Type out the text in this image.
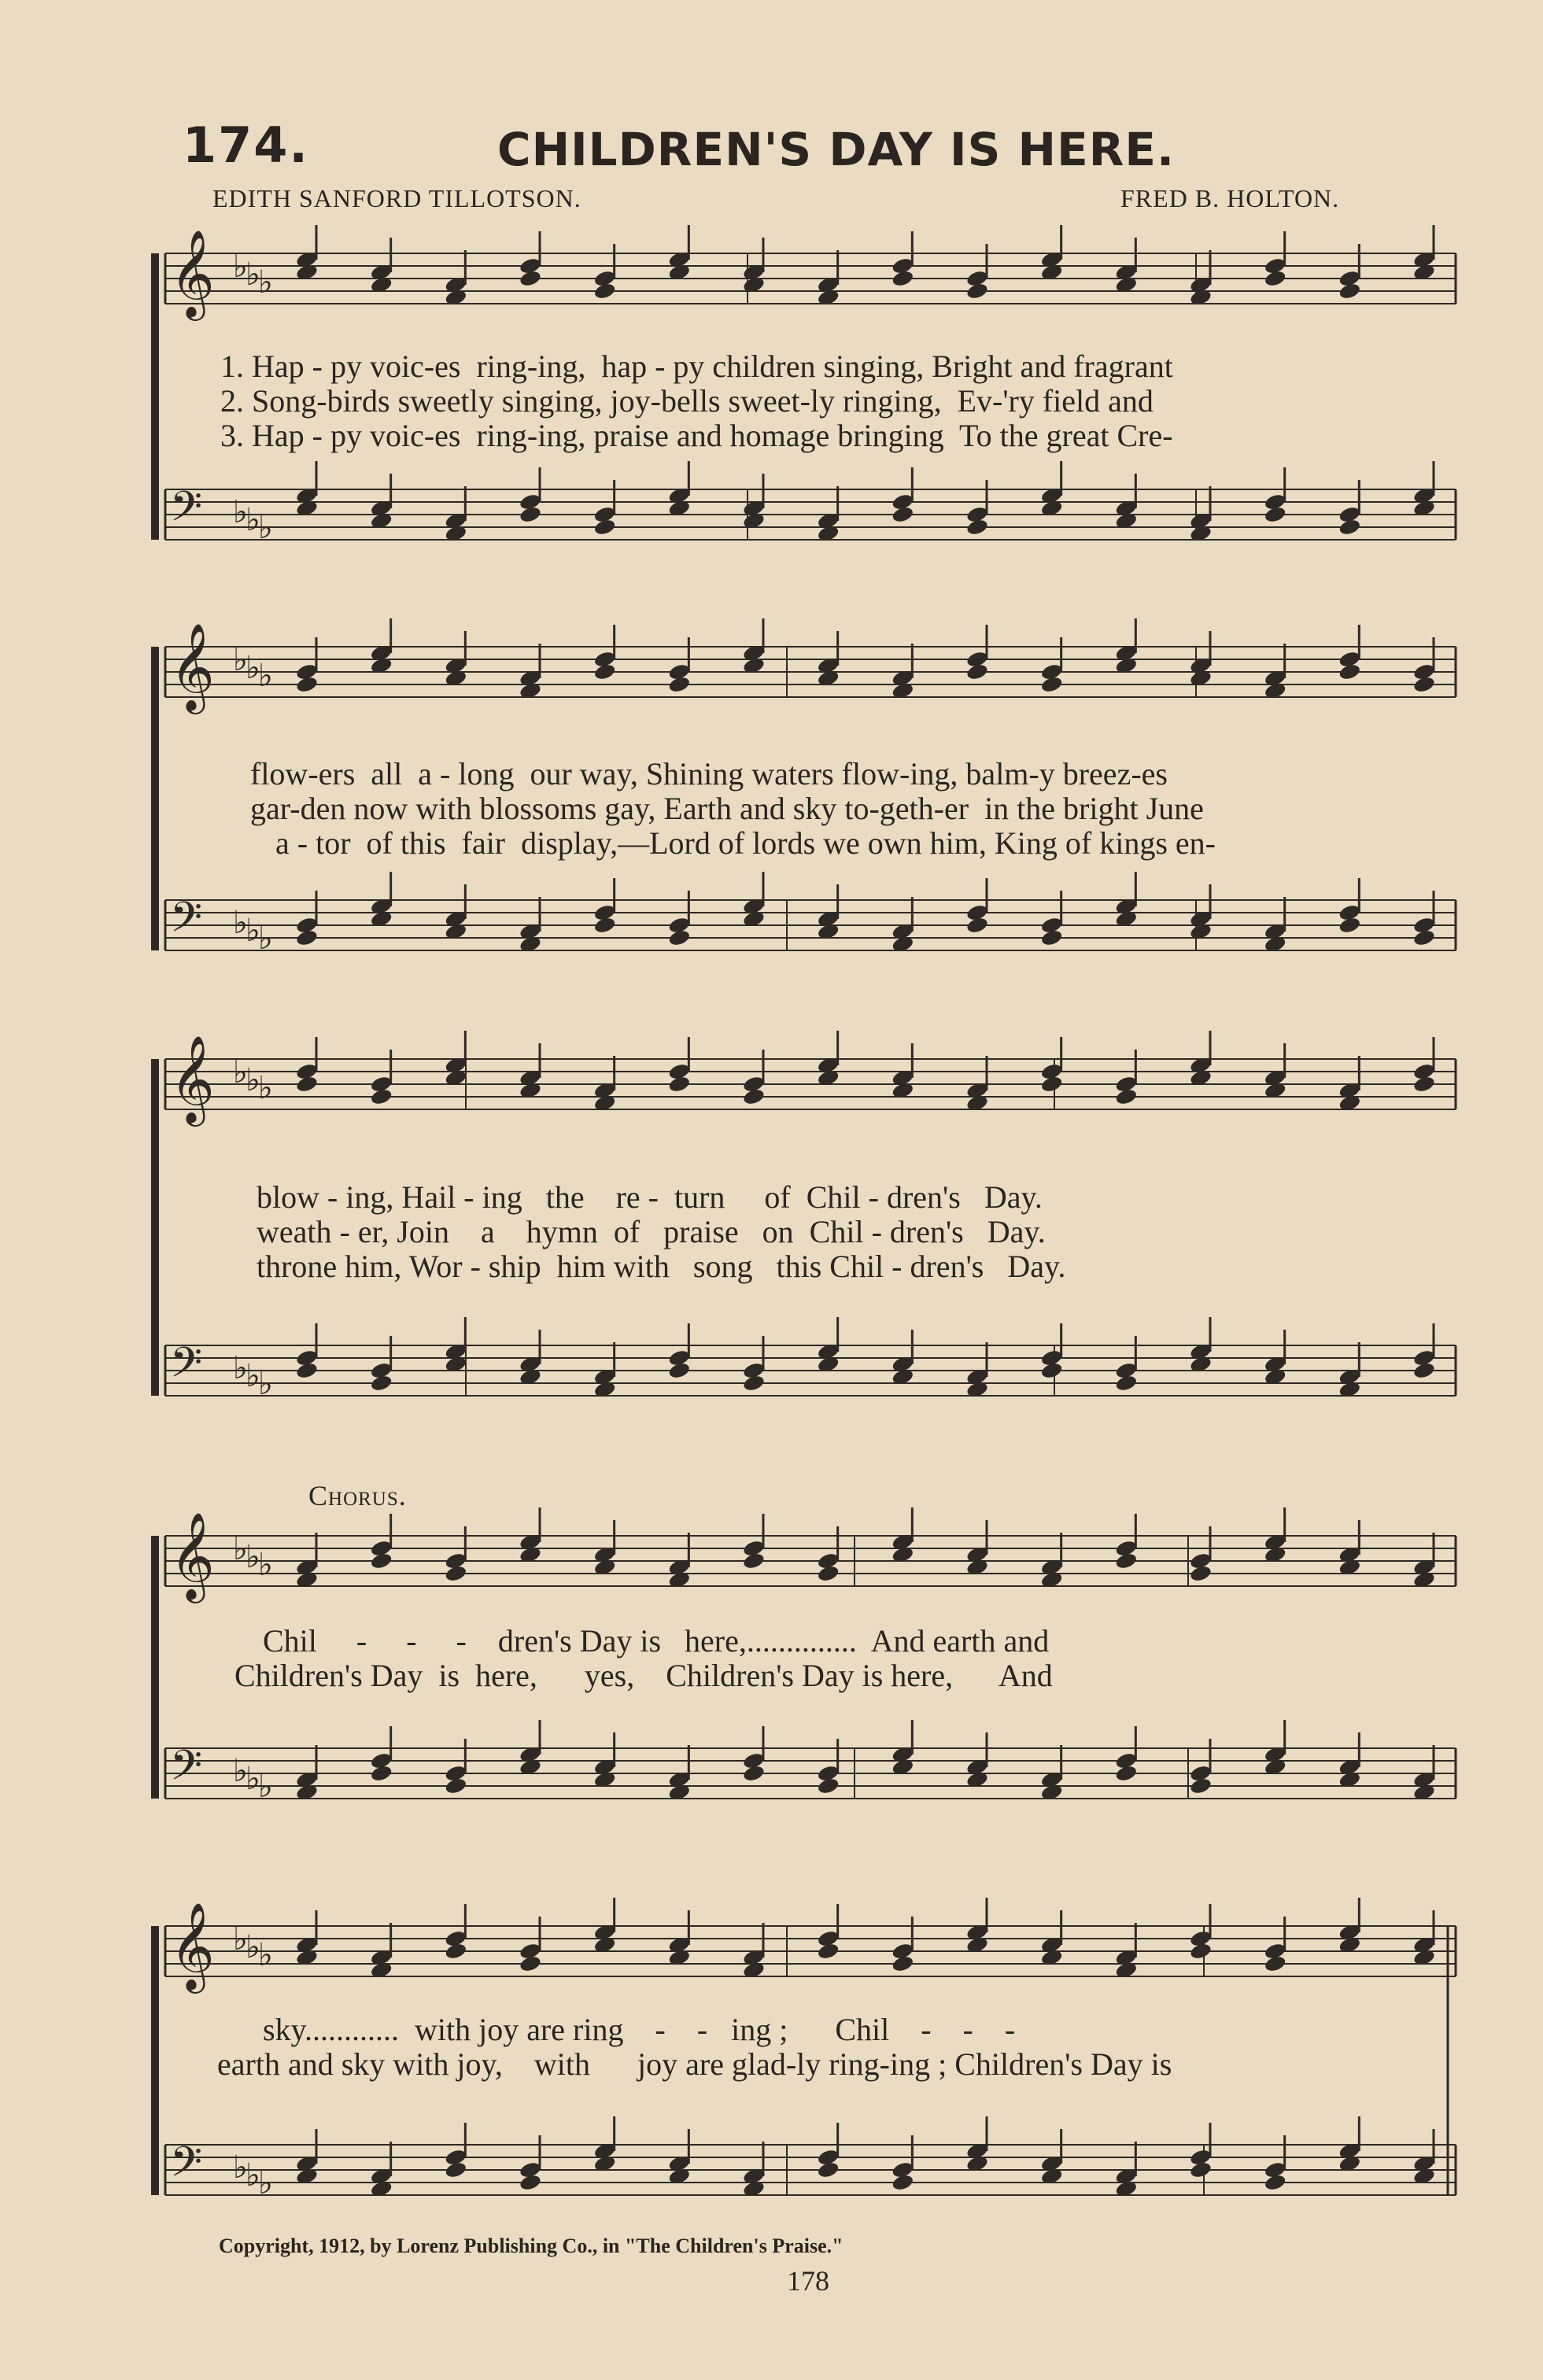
174.	CHILDREN'S DAY IS HERE.
EDITH SANFORD TILLOTSON.	FRED B. HOLTON.
𝄞 ♭
♭
♭
𝄢 ♭
♭
♭
𝄞 ♭
♭
♭
𝄢 ♭
♭
♭
𝄞 ♭
♭
♭
𝄢 ♭
♭
♭
𝄞 ♭
♭
♭
𝄢 ♭
♭
♭
𝄞 ♭
♭
♭
𝄢 ♭
♭
♭
1. Hap - py voic-es  ring-ing,  hap - py children singing, Bright and fragrant
2. Song-birds sweetly singing, joy-bells sweet-ly ringing,  Ev-'ry field and
3. Hap - py voic-es  ring-ing, praise and homage bringing  To the great Cre-
flow-ers  all  a - long  our way, Shining waters flow-ing, balm-y breez-es
gar-den now with blossoms gay, Earth and sky to-geth-er  in the bright June
a - tor  of this  fair  display,—Lord of lords we own him, King of kings en-
blow - ing, Hail - ing   the    re -  turn     of  Chil - dren's   Day.
weath - er, Join    a    hymn  of   praise   on  Chil - dren's   Day.
throne him, Wor - ship  him with   song   this Chil - dren's   Day.
Chorus.
Chil     -     -     -    dren's Day is   here,..............  And earth and
Children's Day  is  here,      yes,    Children's Day is here,      And
sky............  with joy are ring    -    -   ing ;      Chil    -    -    -
earth and sky with joy,    with      joy are glad-ly ring-ing ; Children's Day is
Copyright, 1912, by Lorenz Publishing Co., in "The Children's Praise."
178
